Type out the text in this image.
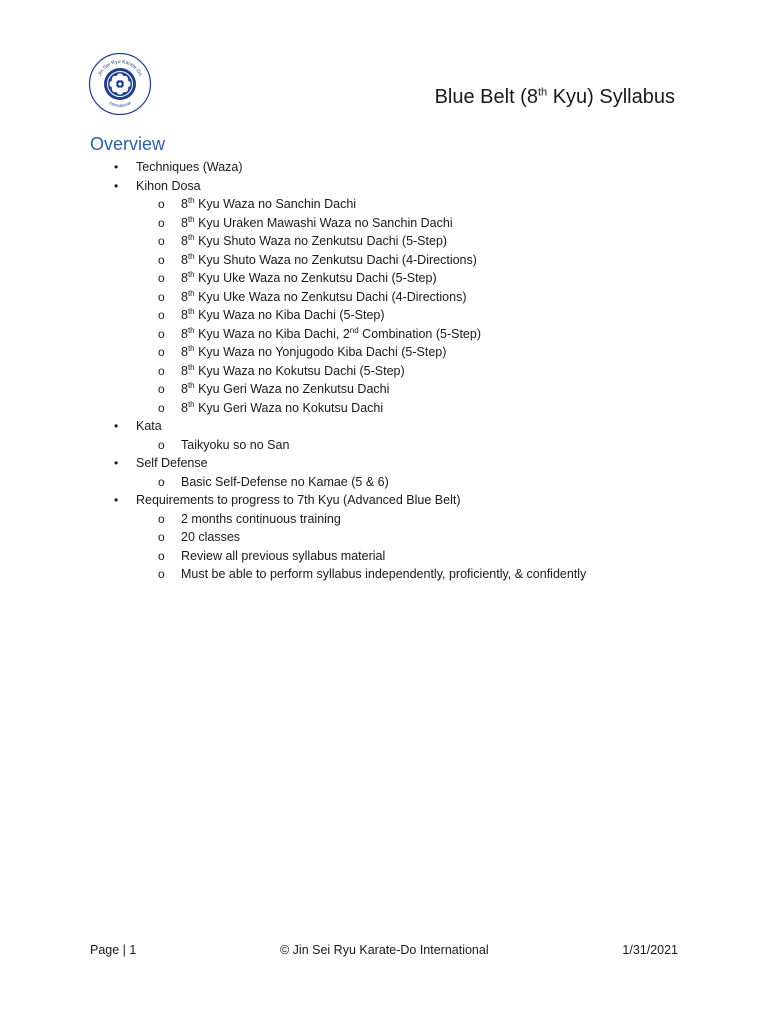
Jin Sei Ryu Karate-Do
International	Blue Belt (8th Kyu) Syllabus
Overview
• Techniques (Waza)
• Kihon Dosa
o 8th Kyu Waza no Sanchin Dachi
o 8th Kyu Uraken Mawashi Waza no Sanchin Dachi
o 8th Kyu Shuto Waza no Zenkutsu Dachi (5-Step)
o 8th Kyu Shuto Waza no Zenkutsu Dachi (4-Directions)
o 8th Kyu Uke Waza no Zenkutsu Dachi (5-Step)
o 8th Kyu Uke Waza no Zenkutsu Dachi (4-Directions)
o 8th Kyu Waza no Kiba Dachi (5-Step)
o 8th Kyu Waza no Kiba Dachi, 2nd Combination (5-Step)
o 8th Kyu Waza no Yonjugodo Kiba Dachi (5-Step)
o 8th Kyu Waza no Kokutsu Dachi (5-Step)
o 8th Kyu Geri Waza no Zenkutsu Dachi
o 8th Kyu Geri Waza no Kokutsu Dachi
• Kata
o Taikyoku so no San
• Self Defense
o Basic Self-Defense no Kamae (5 & 6)
• Requirements to progress to 7th Kyu (Advanced Blue Belt)
o 2 months continuous training
o 20 classes
o Review all previous syllabus material
o Must be able to perform syllabus independently, proficiently, & confidently
Page | 1	© Jin Sei Ryu Karate-Do International	1/31/2021
